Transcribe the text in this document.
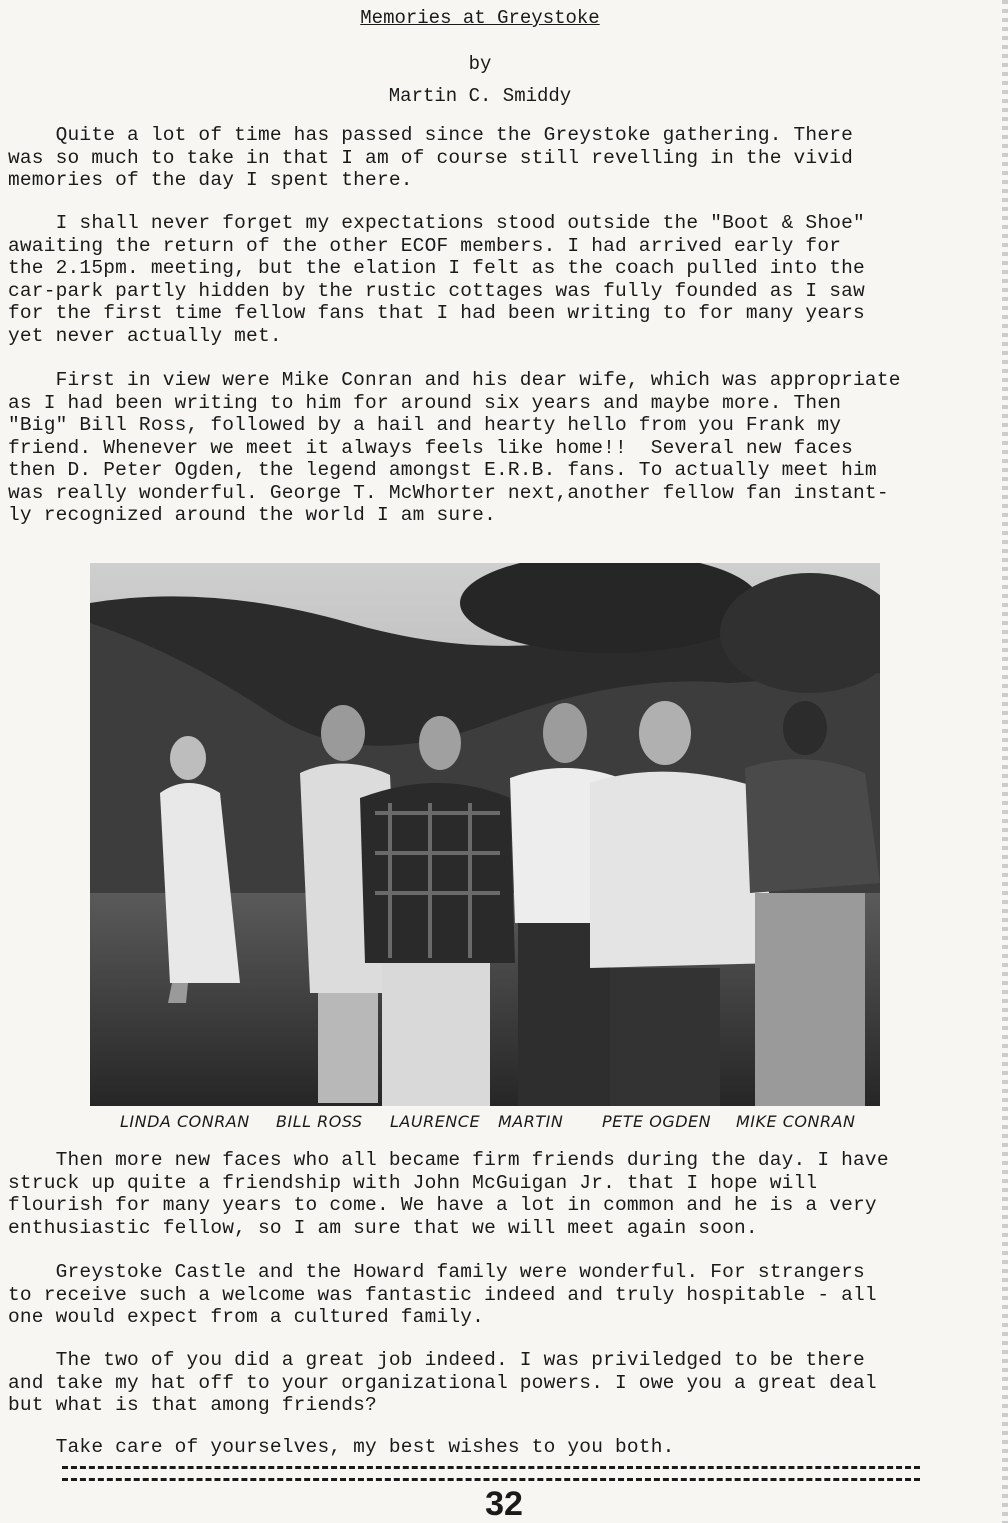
Memories at Greystoke
by
Martin C. Smiddy

Quite a lot of time has passed since the Greystoke gathering. There
was so much to take in that I am of course still revelling in the vivid
memories of the day I spent there.

I shall never forget my expectations stood outside the "Boot & Shoe"
awaiting the return of the other ECOF members. I had arrived early for
the 2.15pm. meeting, but the elation I felt as the coach pulled into the
car-park partly hidden by the rustic cottages was fully founded as I saw
for the first time fellow fans that I had been writing to for many years
yet never actually met.

First in view were Mike Conran and his dear wife, which was appropriate
as I had been writing to him for around six years and maybe more. Then
"Big" Bill Ross, followed by a hail and hearty hello from you Frank my
friend. Whenever we meet it always feels like home!!  Several new faces
then D. Peter Ogden, the legend amongst E.R.B. fans. To actually meet him
was really wonderful. George T. McWhorter next,another fellow fan instant-
ly recognized around the world I am sure.

LINDA CONRAN BILL ROSS LAURENCE MARTIN PETE OGDEN MIKE CONRAN

Then more new faces who all became firm friends during the day. I have
struck up quite a friendship with John McGuigan Jr. that I hope will
flourish for many years to come. We have a lot in common and he is a very
enthusiastic fellow, so I am sure that we will meet again soon.

Greystoke Castle and the Howard family were wonderful. For strangers
to receive such a welcome was fantastic indeed and truly hospitable - all
one would expect from a cultured family.

The two of you did a great job indeed. I was priviledged to be there
and take my hat off to your organizational powers. I owe you a great deal
but what is that among friends?

Take care of yourselves, my best wishes to you both.

32
